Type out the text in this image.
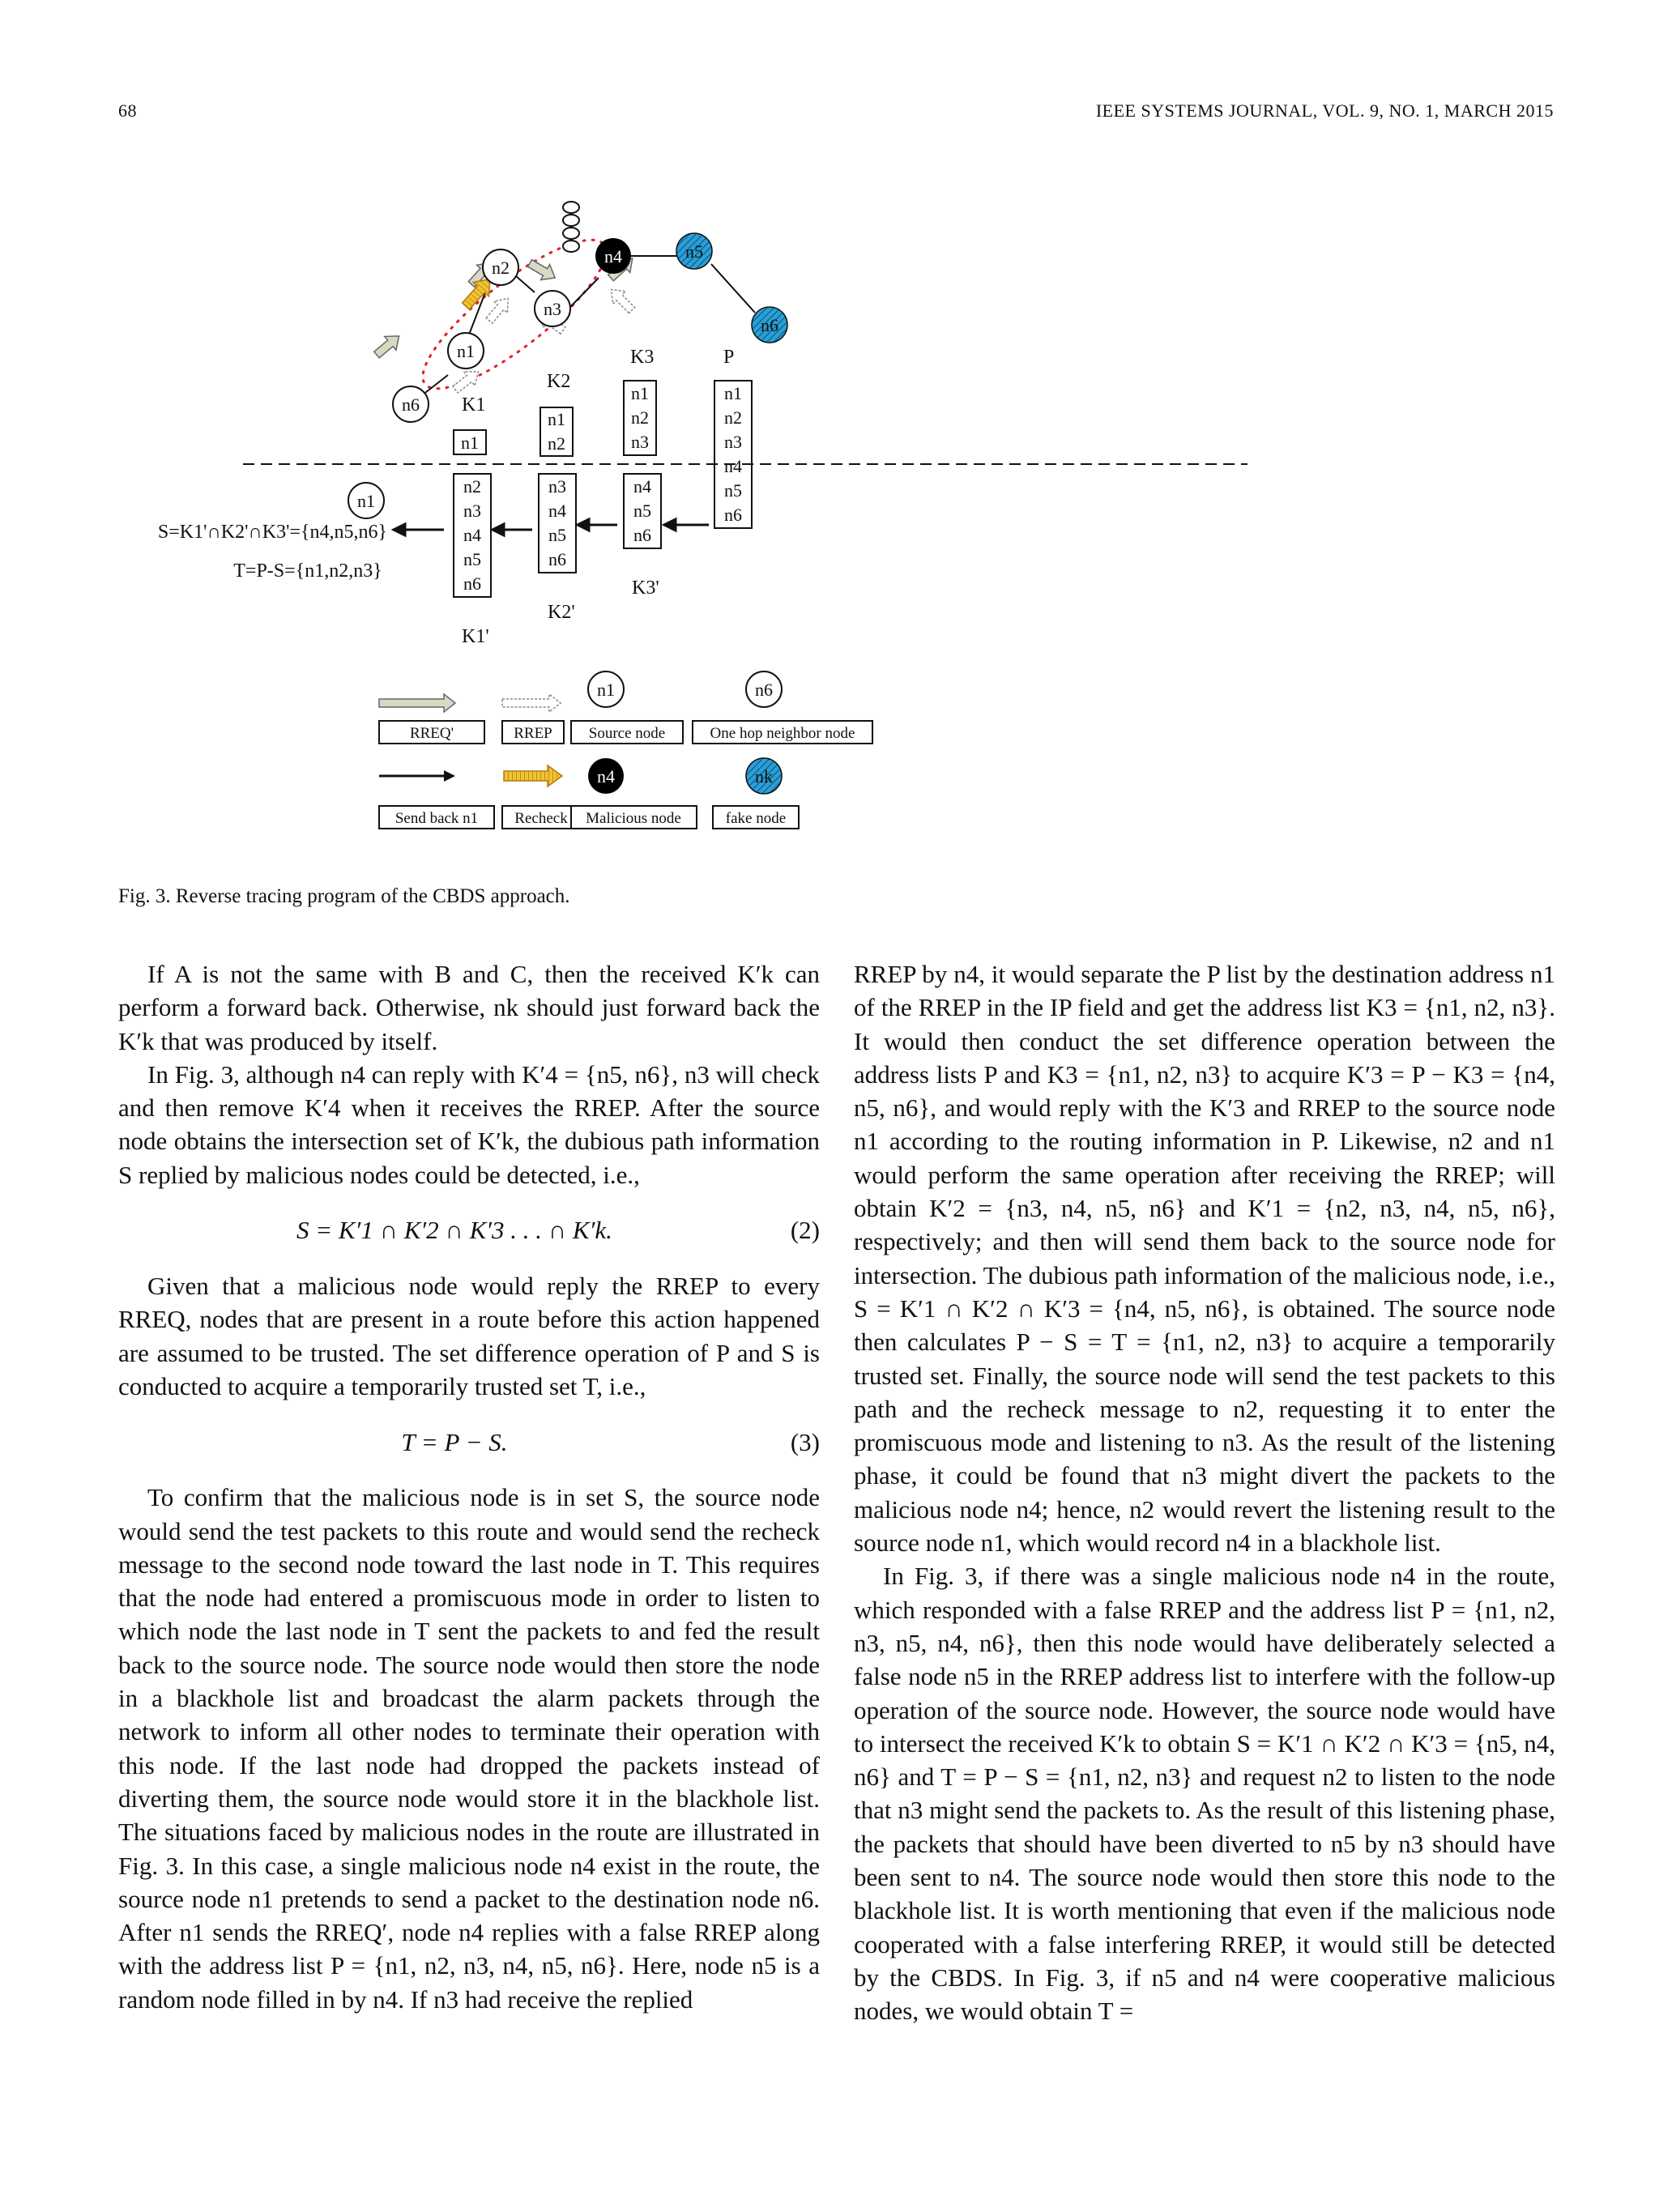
68	IEEE SYSTEMS JOURNAL, VOL. 9, NO. 1, MARCH 2015
n6
n1
n2
n3
n4	n5
n6
K1
n1
K2
n1
n2
K3
n1
n2
n3
P
n1
n2
n3
n4
n5
n6
n2
n3
n4
n5
n6
K1'
n3
n4
n5
n6
K2'
n4
n5
n6
K3'
n1
S=K1'∩K2'∩K3'={n4,n5,n6}
T=P-S={n1,n2,n3}
RREQ'	RREP
n1
Source node
n6
One hop neighbor node
Send back n1 Recheck
n4
Malicious node
nk
fake node
Fig. 3. Reverse tracing program of the CBDS approach.

If A is not the same with B and C, then the received K′k can perform a forward back. Otherwise, nk should just forward back the K′k that was produced by itself.

In Fig. 3, although n4 can reply with K′4 = {n5, n6}, n3 will check and then remove K′4 when it receives the RREP. After the source node obtains the intersection set of K′k, the dubious path information S replied by malicious nodes could be detected, i.e.,

S = K′1 ∩ K′2 ∩ K′3 . . . ∩ K′k.	(2)

Given that a malicious node would reply the RREP to every RREQ, nodes that are present in a route before this action happened are assumed to be trusted. The set difference operation of P and S is conducted to acquire a temporarily trusted set T, i.e.,

T = P − S.	(3)

To confirm that the malicious node is in set S, the source node would send the test packets to this route and would send the recheck message to the second node toward the last node in T. This requires that the node had entered a promiscuous mode in order to listen to which node the last node in T sent the packets to and fed the result back to the source node. The source node would then store the node in a blackhole list and broadcast the alarm packets through the network to inform all other nodes to terminate their operation with this node. If the last node had dropped the packets instead of diverting them, the source node would store it in the blackhole list. The situations faced by malicious nodes in the route are illustrated in Fig. 3. In this case, a single malicious node n4 exist in the route, the source node n1 pretends to send a packet to the destination node n6. After n1 sends the RREQ′, node n4 replies with a false RREP along with the address list P = {n1, n2, n3, n4, n5, n6}. Here, node n5 is a random node filled in by n4. If n3 had receive the replied

RREP by n4, it would separate the P list by the destination address n1 of the RREP in the IP field and get the address list K3 = {n1, n2, n3}. It would then conduct the set difference operation between the address lists P and K3 = {n1, n2, n3} to acquire K′3 = P − K3 = {n4, n5, n6}, and would reply with the K′3 and RREP to the source node n1 according to the routing information in P. Likewise, n2 and n1 would perform the same operation after receiving the RREP; will obtain K′2 = {n3, n4, n5, n6} and K′1 = {n2, n3, n4, n5, n6}, respectively; and then will send them back to the source node for intersection. The dubious path information of the malicious node, i.e., S = K′1 ∩ K′2 ∩ K′3 = {n4, n5, n6}, is obtained. The source node then calculates P − S = T = {n1, n2, n3} to acquire a temporarily trusted set. Finally, the source node will send the test packets to this path and the recheck message to n2, requesting it to enter the promiscuous mode and listening to n3. As the result of the listening phase, it could be found that n3 might divert the packets to the malicious node n4; hence, n2 would revert the listening result to the source node n1, which would record n4 in a blackhole list.

In Fig. 3, if there was a single malicious node n4 in the route, which responded with a false RREP and the address list P = {n1, n2, n3, n5, n4, n6}, then this node would have deliberately selected a false node n5 in the RREP address list to interfere with the follow-up operation of the source node. However, the source node would have to intersect the received K′k to obtain S = K′1 ∩ K′2 ∩ K′3 = {n5, n4, n6} and T = P − S = {n1, n2, n3} and request n2 to listen to the node that n3 might send the packets to. As the result of this listening phase, the packets that should have been diverted to n5 by n3 should have been sent to n4. The source node would then store this node to the blackhole list. It is worth mentioning that even if the malicious node cooperated with a false interfering RREP, it would still be detected by the CBDS. In Fig. 3, if n5 and n4 were cooperative malicious nodes, we would obtain T =
